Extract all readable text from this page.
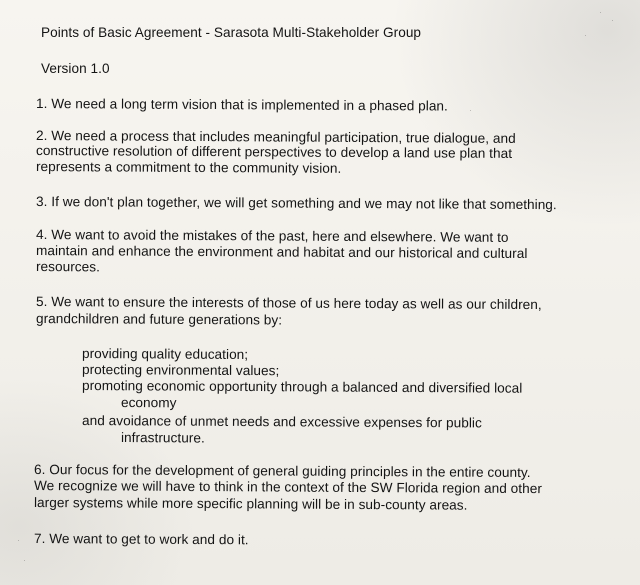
Points of Basic Agreement - Sarasota Multi-Stakeholder Group
Version 1.0
1. We need a long term vision that is implemented in a phased plan.
2. We need a process that includes meaningful participation, true dialogue, and
constructive resolution of different perspectives to develop a land use plan that
represents a commitment to the community vision.
3. If we don't plan together, we will get something and we may not like that something.
4. We want to avoid the mistakes of the past, here and elsewhere. We want to
maintain and enhance the environment and habitat and our historical and cultural
resources.
5. We want to ensure the interests of those of us here today as well as our children,
grandchildren and future generations by:
providing quality education;
protecting environmental values;
promoting economic opportunity through a balanced and diversified local
economy
and avoidance of unmet needs and excessive expenses for public
infrastructure.
6. Our focus for the development of general guiding principles in the entire county.
We recognize we will have to think in the context of the SW Florida region and other
larger systems while more specific planning will be in sub-county areas.
7. We want to get to work and do it.
